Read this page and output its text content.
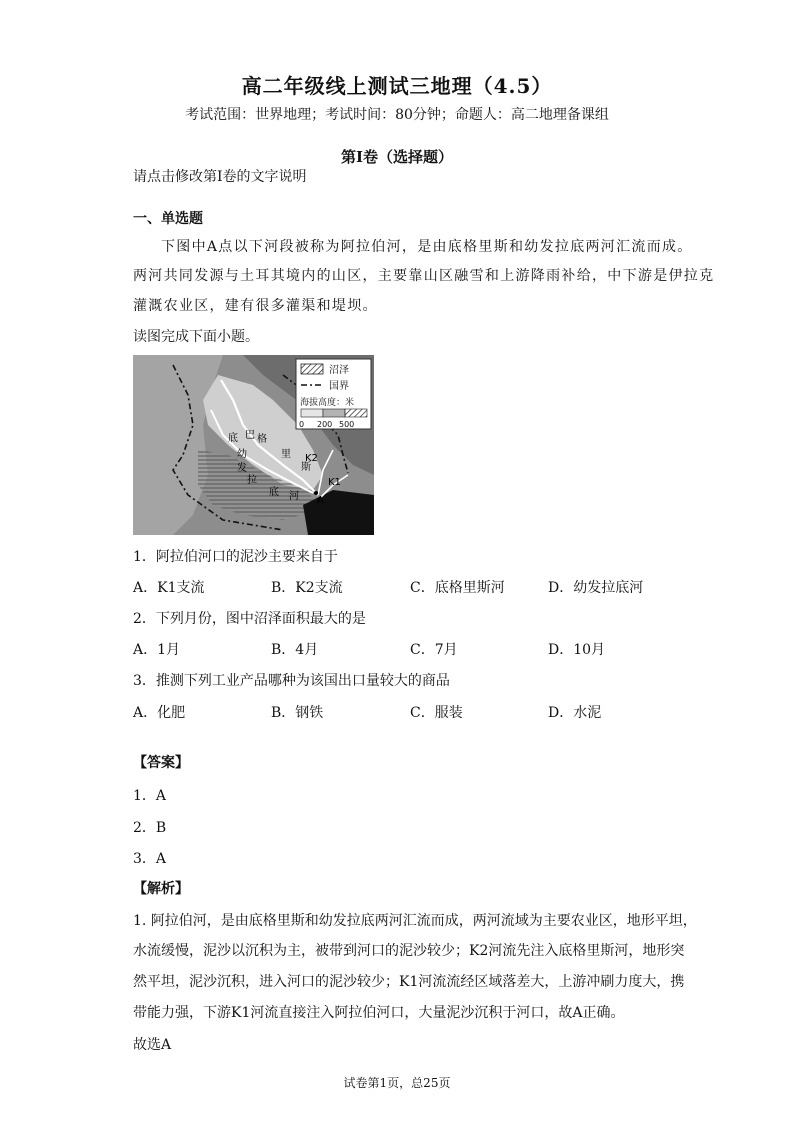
高二年级线上测试三地理（4.5）
考试范围：世界地理；考试时间：80分钟；命题人：高二地理备课组
第I卷（选择题）
请点击修改第I卷的文字说明
一、单选题
下图中A点以下河段被称为阿拉伯河，是由底格里斯和幼发拉底两河汇流而成。
两河共同发源与土耳其境内的山区，主要靠山区融雪和上游降雨补给，中下游是伊拉克
灌溉农业区，建有很多灌渠和堤坝。
读图完成下面小题。
沼泽
国界
海拔高度：米
0 200 500
底 巴 格
里
斯
幼
发
拉
底 河
K2
K1
A
1．阿拉伯河口的泥沙主要来自于
A．K1支流	B．K2支流	C．底格里斯河	D．幼发拉底河
2．下列月份，图中沼泽面积最大的是
A．1月	B．4月	C．7月	D．10月
3．推测下列工业产品哪种为该国出口量较大的商品
A．化肥	B．钢铁	C．服装	D．水泥
【答案】
1．A
2．B
3．A
【解析】
1. 阿拉伯河，是由底格里斯和幼发拉底两河汇流而成，两河流域为主要农业区，地形平坦，
水流缓慢，泥沙以沉积为主，被带到河口的泥沙较少；K2河流先注入底格里斯河，地形突
然平坦，泥沙沉积，进入河口的泥沙较少；K1河流流经区域落差大，上游冲刷力度大，携
带能力强，下游K1河流直接注入阿拉伯河口，大量泥沙沉积于河口，故A正确。
故选A
试卷第1页，总25页
